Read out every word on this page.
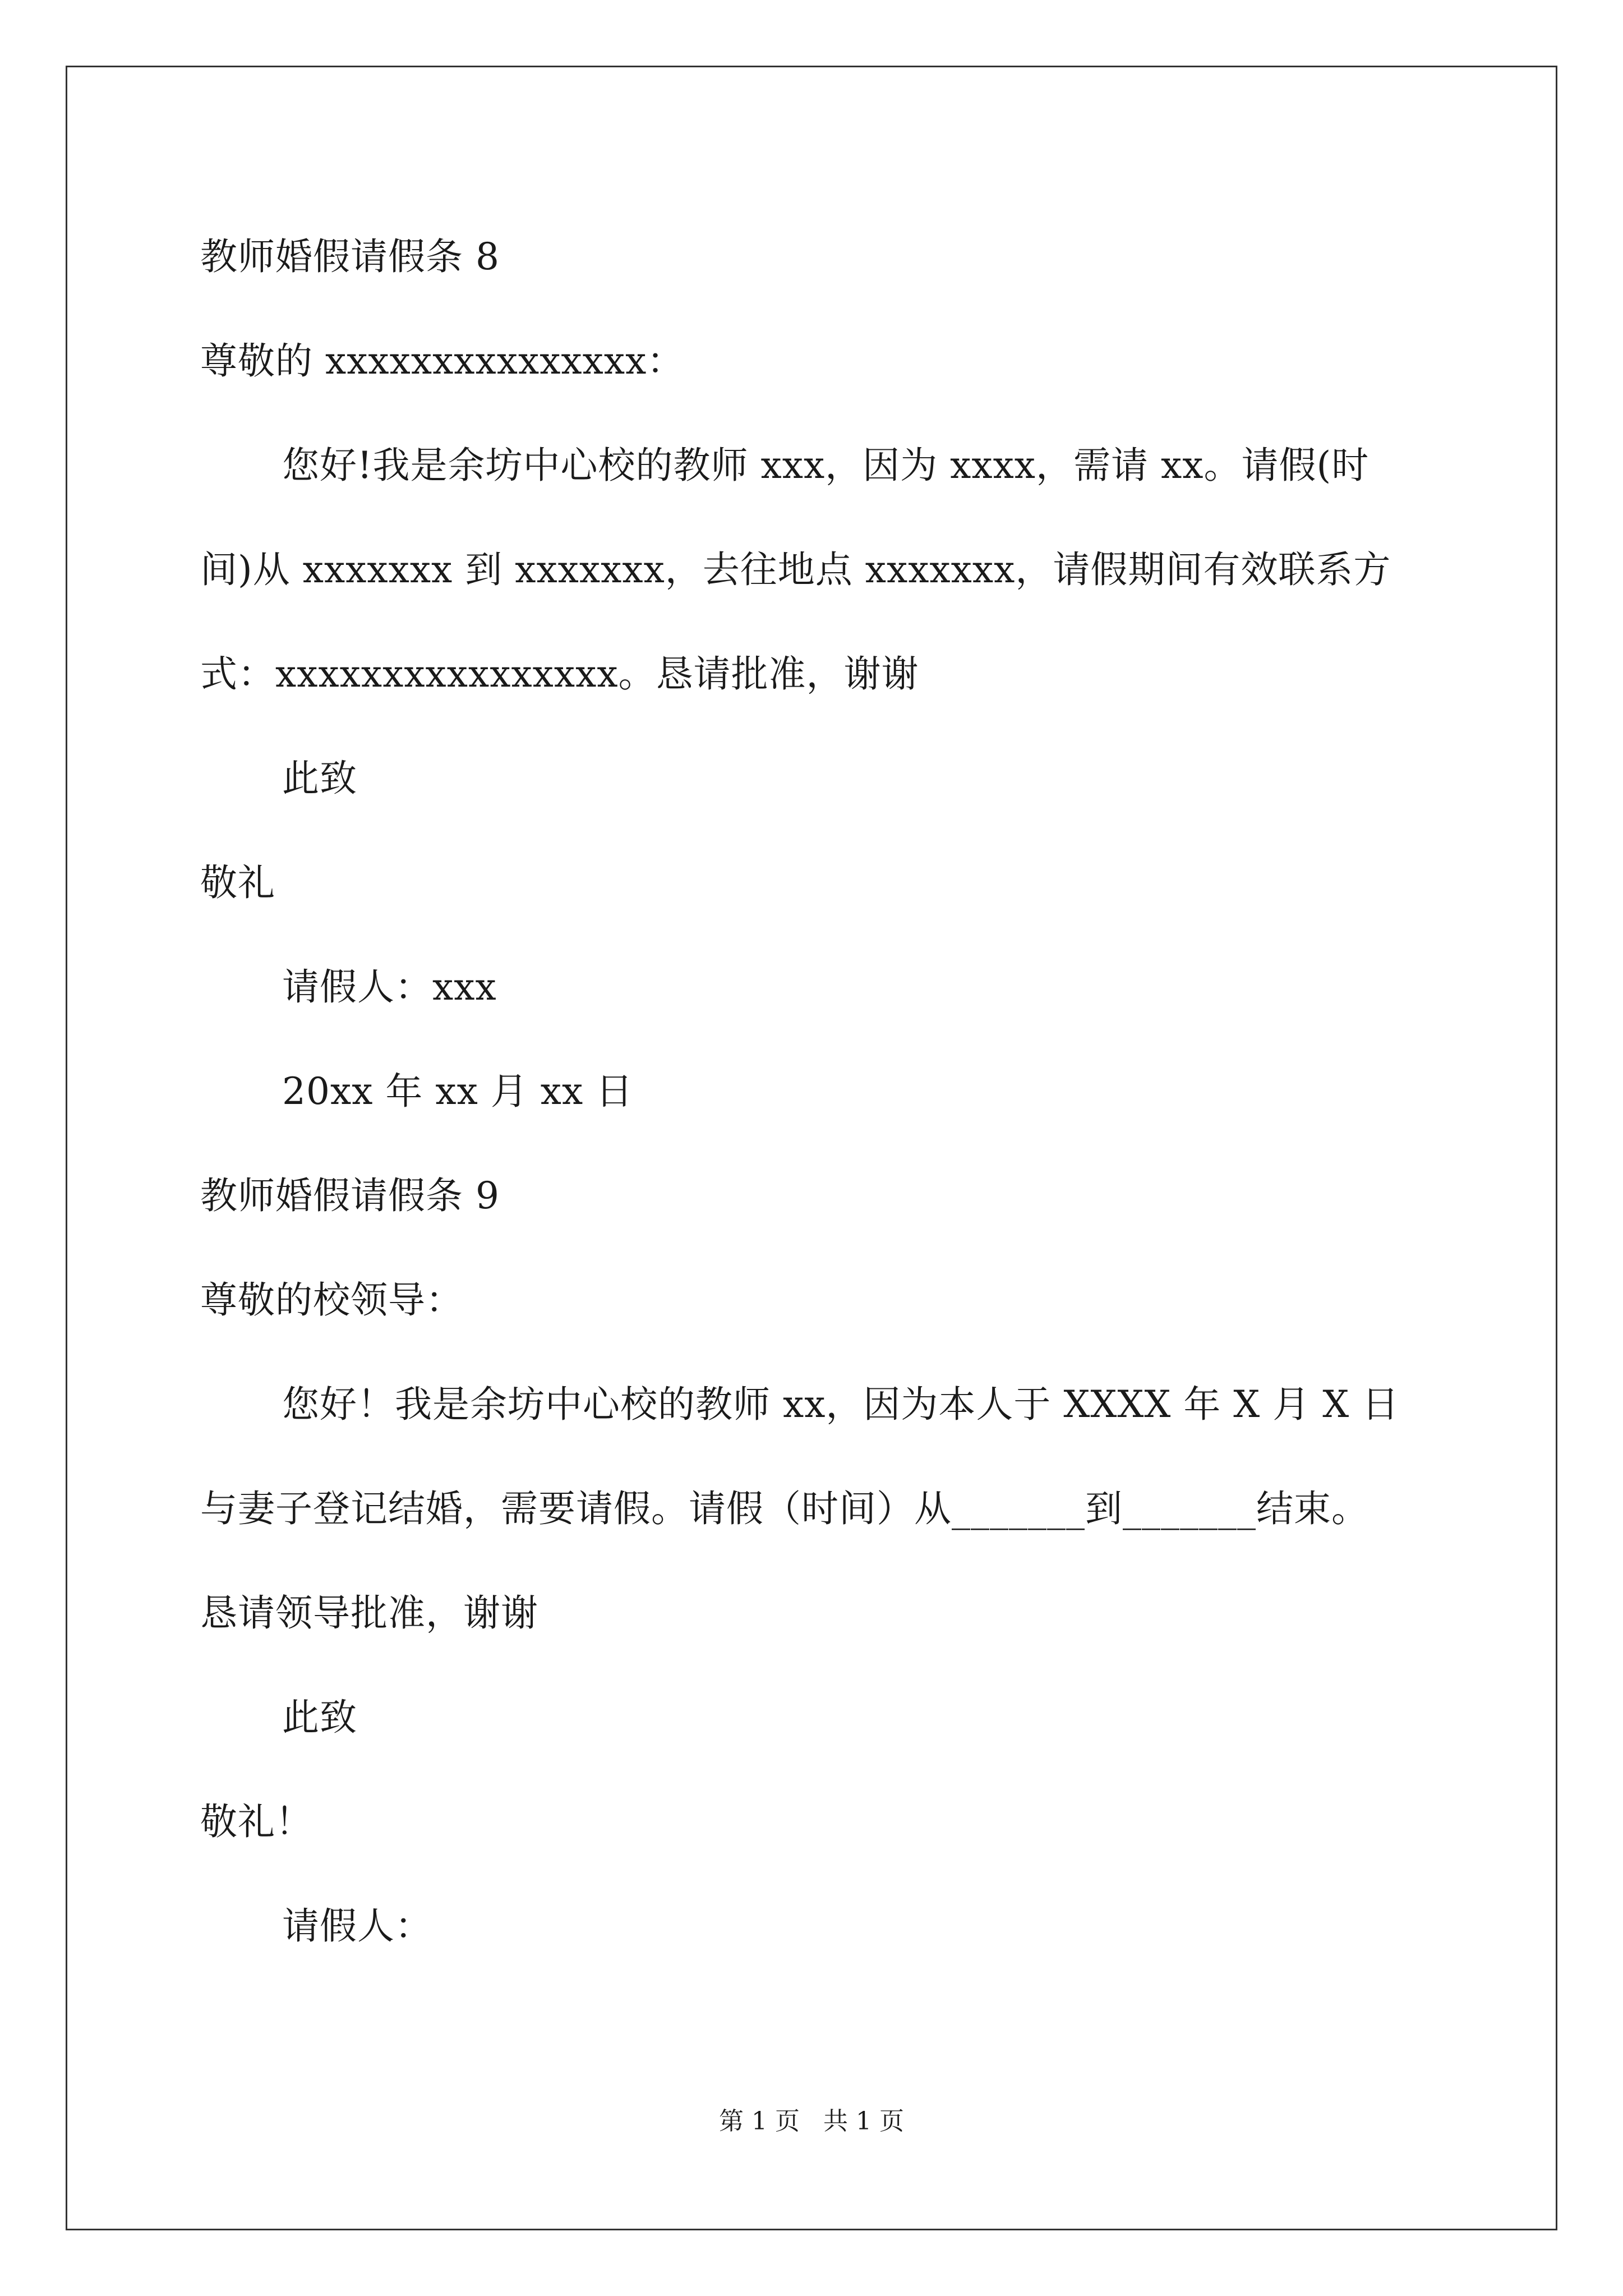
教师婚假请假条 8
尊敬的 xxxxxxxxxxxxxxx：
您好!我是余坊中心校的教师 xxx，因为 xxxx，需请 xx。请假(时
间)从 xxxxxxx 到 xxxxxxx，去往地点 xxxxxxx，请假期间有效联系方
式：xxxxxxxxxxxxxxxx。恳请批准，谢谢
此致
敬礼
请假人：xxx
20xx 年 xx 月 xx 日
教师婚假请假条 9
尊敬的校领导：
您好！我是余坊中心校的教师 xx，因为本人于 XXXX 年 X 月 X 日
与妻子登记结婚，需要请假。请假（时间）从_______到_______结束。
恳请领导批准，谢谢
此致
敬礼！
请假人：
第 1 页   共 1 页
